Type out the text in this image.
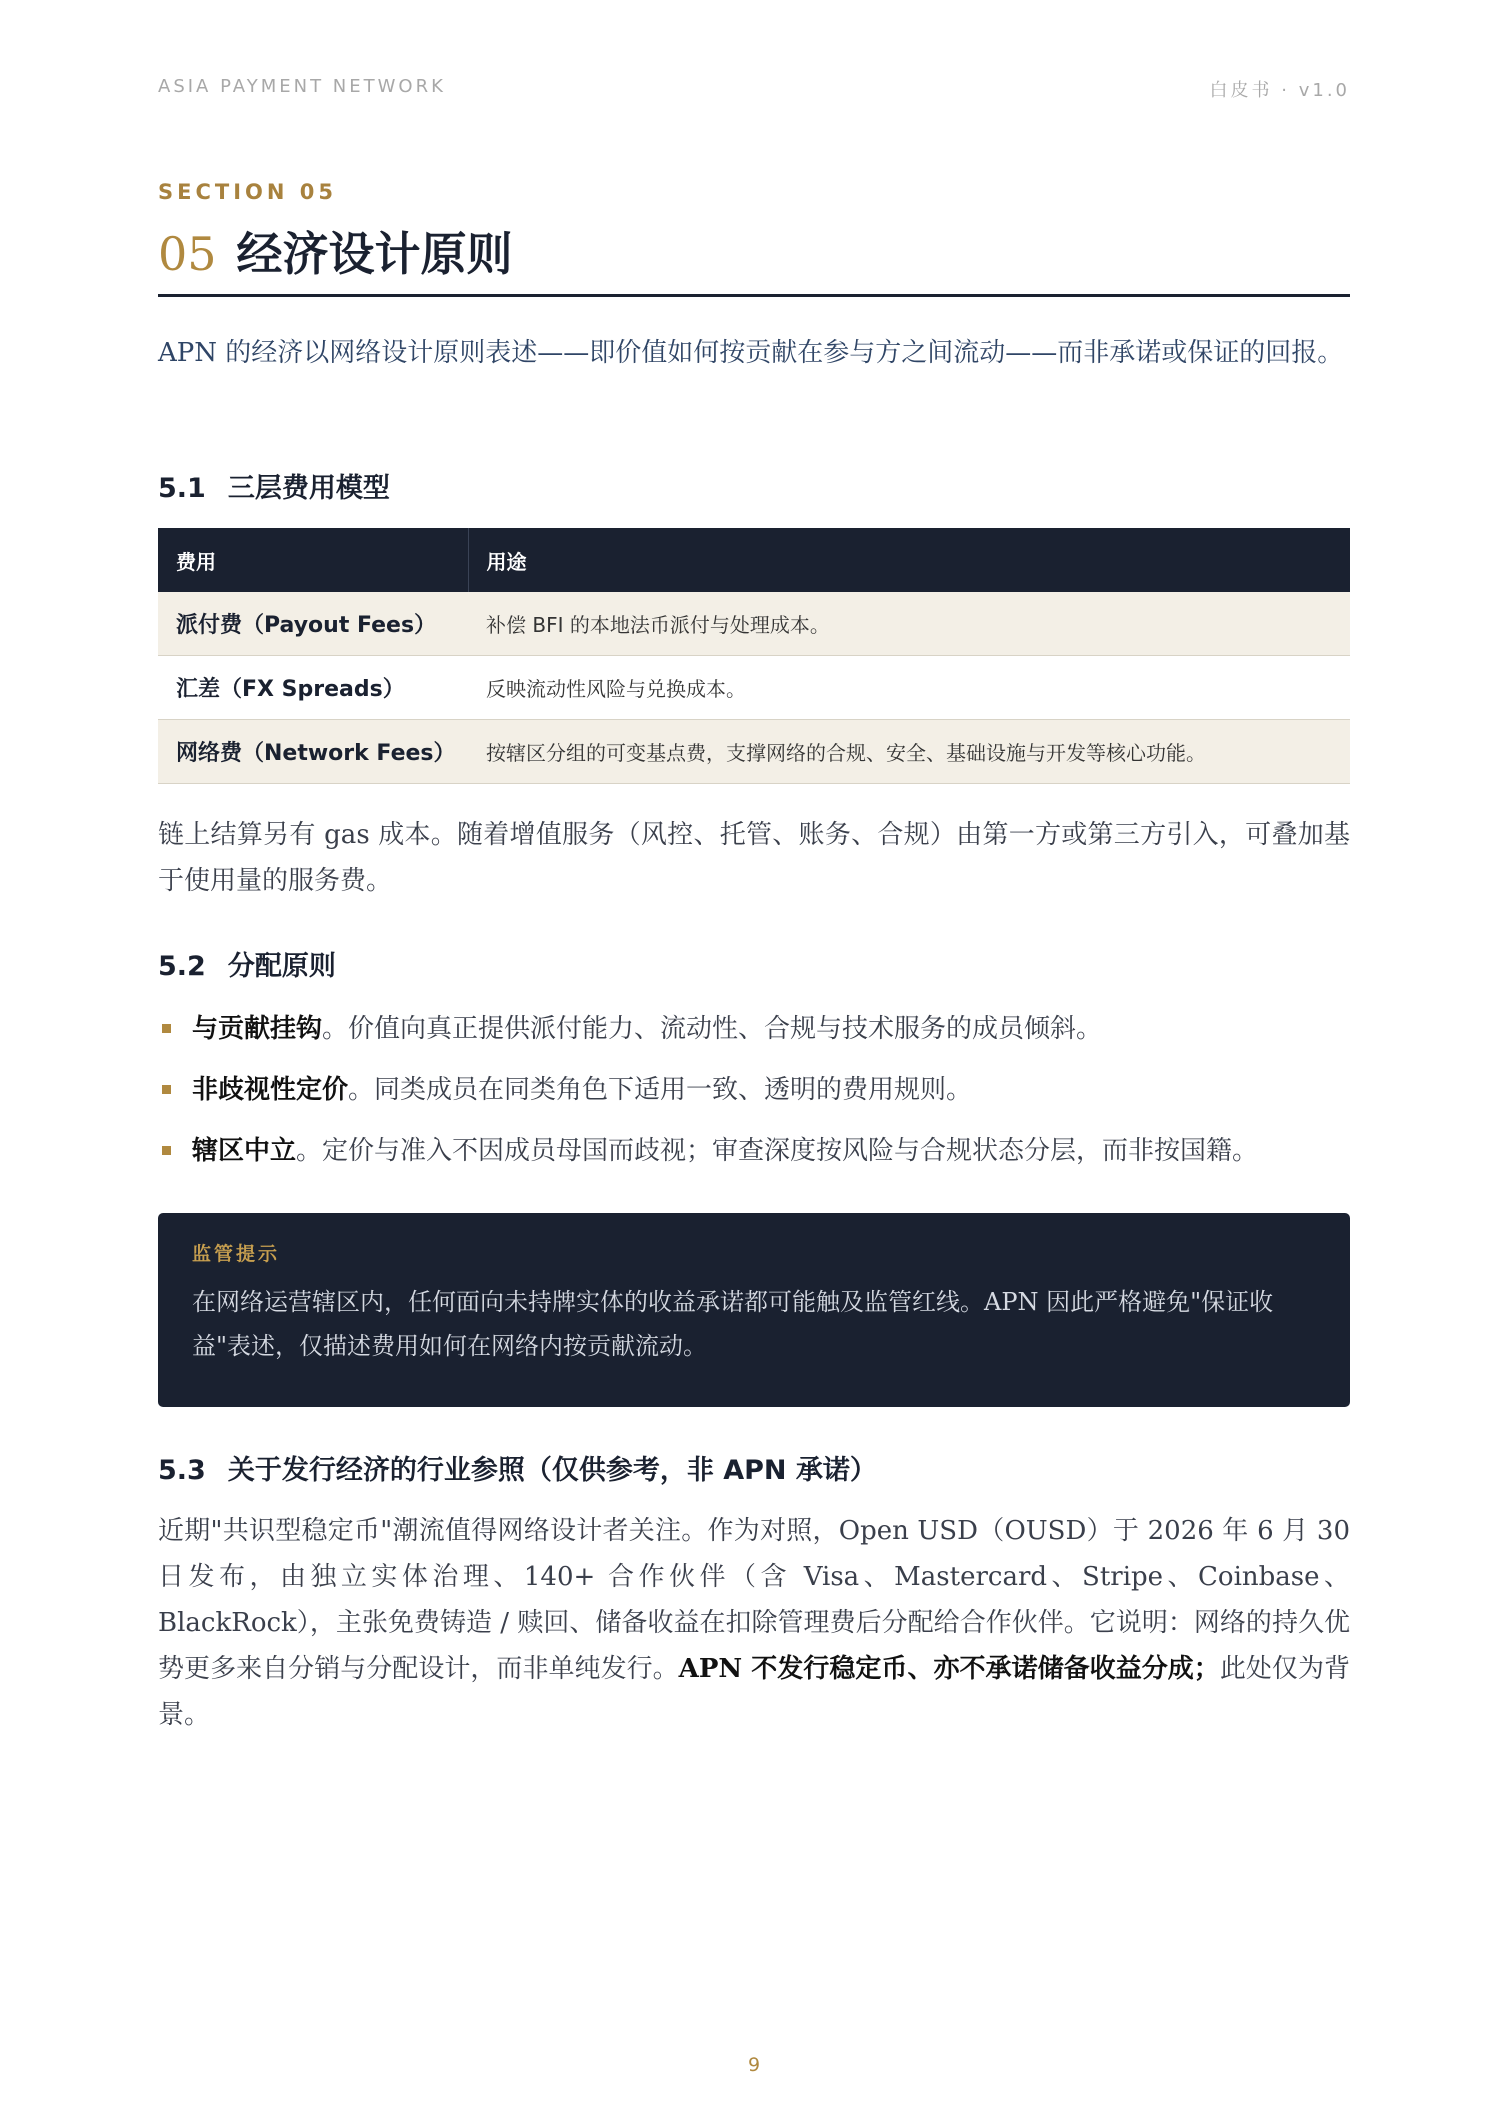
ASIA PAYMENT NETWORK	白皮书 · v1.0
SECTION 05
05 经济设计原则

APN 的经济以网络设计原则表述——即价值如何按贡献在参与方之间流动——而非承诺或保证的回报。

5.1 三层费用模型
费用	用途
派付费（Payout Fees）	补偿 BFI 的本地法币派付与处理成本。
汇差（FX Spreads）	反映流动性风险与兑换成本。
网络费（Network Fees）	按辖区分组的可变基点费，支撑网络的合规、安全、基础设施与开发等核心功能。

链上结算另有 gas 成本。随着增值服务（风控、托管、账务、合规）由第一方或第三方引入，可叠加基于使用量的服务费。

5.2 分配原则
与贡献挂钩。价值向真正提供派付能力、流动性、合规与技术服务的成员倾斜。
非歧视性定价。同类成员在同类角色下适用一致、透明的费用规则。
辖区中立。定价与准入不因成员母国而歧视；审查深度按风险与合规状态分层，而非按国籍。
监管提示
在网络运营辖区内，任何面向未持牌实体的收益承诺都可能触及监管红线。APN 因此严格避免"保证收益"表述，仅描述费用如何在网络内按贡献流动。
5.3 关于发行经济的行业参照（仅供参考，非 APN 承诺）

近期"共识型稳定币"潮流值得网络设计者关注。作为对照，Open USD（OUSD）于 2026 年 6 月 30 日发布，由独立实体治理、140+ 合作伙伴（含 Visa、Mastercard、Stripe、Coinbase、BlackRock），主张免费铸造 / 赎回、储备收益在扣除管理费后分配给合作伙伴。它说明：网络的持久优势更多来自分销与分配设计，而非单纯发行。APN 不发行稳定币、亦不承诺储备收益分成；此处仅为背景。

9
